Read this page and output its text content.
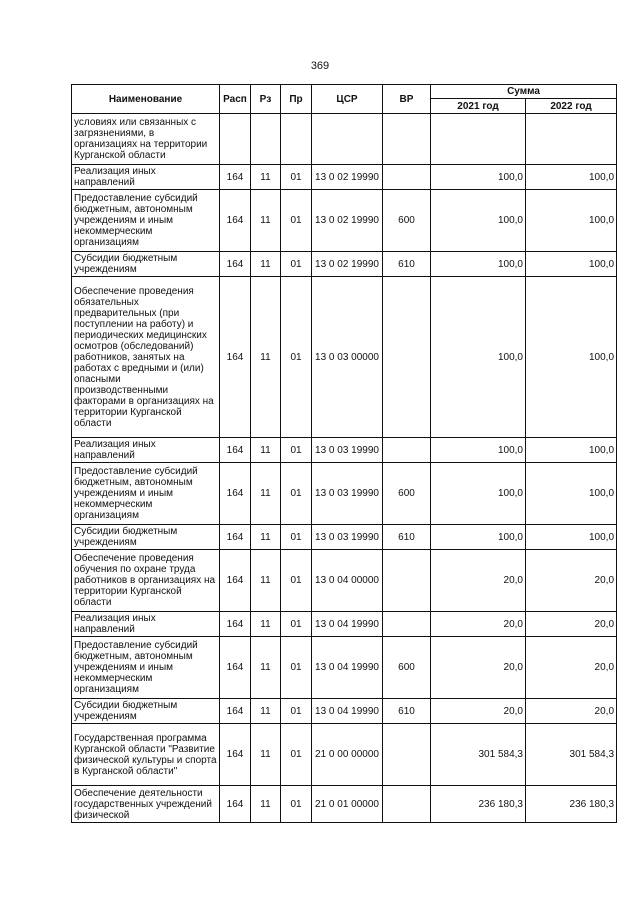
369
Наименование	Расп	Рз	Пр	ЦСР	ВР	Сумма	
						2021 год	2022 год
условиях или связанных с загрязнениями, в организациях на территории Курганской области							
Реализация иных направлений	164	11	01	13 0 02 19990		100,0	100,0
Предоставление субсидий бюджетным, автономным учреждениям и иным некоммерческим организациям	164	11	01	13 0 02 19990	600	100,0	100,0
Субсидии бюджетным учреждениям	164	11	01	13 0 02 19990	610	100,0	100,0
Обеспечение проведения обязательных предварительных (при поступлении на работу) и периодических медицинских осмотров (обследований) работников, занятых на работах с вредными и (или) опасными производственными факторами в организациях на территории Курганской области	164	11	01	13 0 03 00000		100,0	100,0
Реализация иных направлений	164	11	01	13 0 03 19990		100,0	100,0
Предоставление субсидий бюджетным, автономным учреждениям и иным некоммерческим организациям	164	11	01	13 0 03 19990	600	100,0	100,0
Субсидии бюджетным учреждениям	164	11	01	13 0 03 19990	610	100,0	100,0
Обеспечение проведения обучения по охране труда работников в организациях на территории Курганской области	164	11	01	13 0 04 00000		20,0	20,0
Реализация иных направлений	164	11	01	13 0 04 19990		20,0	20,0
Предоставление субсидий бюджетным, автономным учреждениям и иным некоммерческим организациям	164	11	01	13 0 04 19990	600	20,0	20,0
Субсидии бюджетным учреждениям	164	11	01	13 0 04 19990	610	20,0	20,0
Государственная программа Курганской области "Развитие физической культуры и спорта в Курганской области"	164	11	01	21 0 00 00000		301 584,3	301 584,3
Обеспечение деятельности государственных учреждений физической	164	11	01	21 0 01 00000		236 180,3	236 180,3
